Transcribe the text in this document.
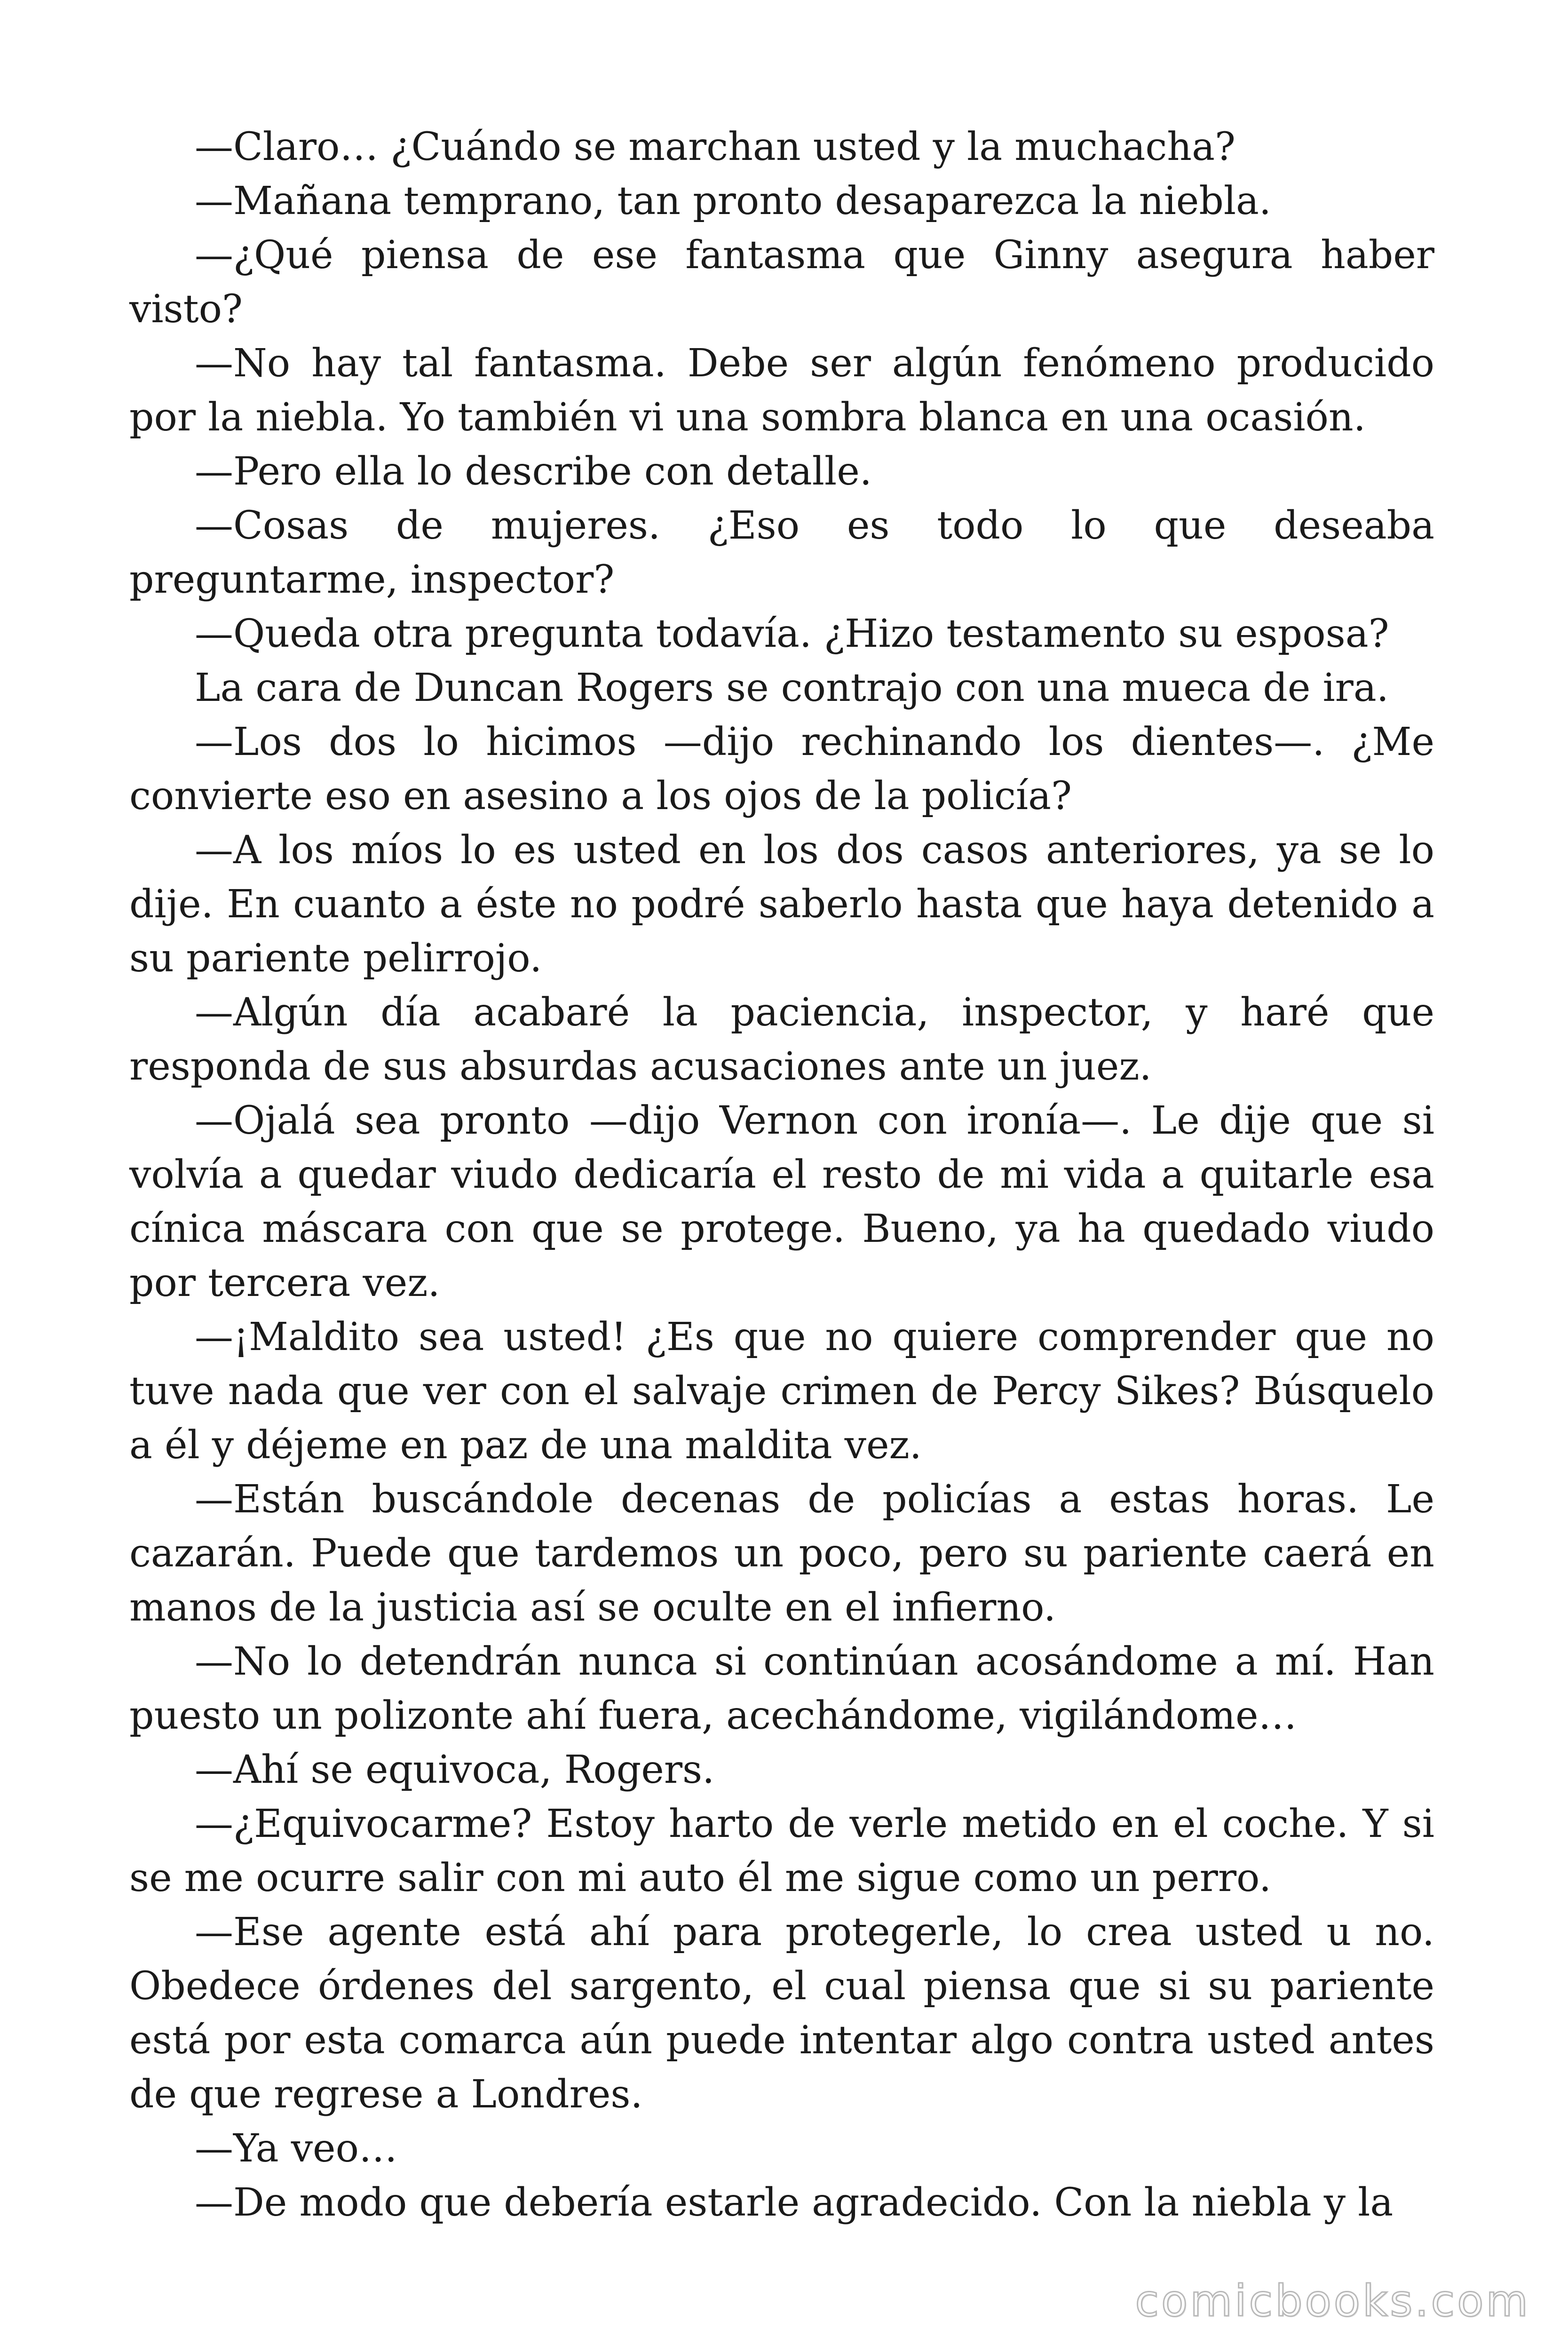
—Claro… ¿Cuándo se marchan usted y la muchacha?

—Mañana temprano, tan pronto desaparezca la niebla.

—¿Qué piensa de ese fantasma que Ginny asegura haber visto?

—No hay tal fantasma. Debe ser algún fenómeno producido por la niebla. Yo también vi una sombra blanca en una ocasión.

—Pero ella lo describe con detalle.

—Cosas de mujeres. ¿Eso es todo lo que deseaba preguntarme, inspector?

—Queda otra pregunta todavía. ¿Hizo testamento su esposa?

La cara de Duncan Rogers se contrajo con una mueca de ira.

—Los dos lo hicimos —dijo rechinando los dientes—. ¿Me convierte eso en asesino a los ojos de la policía?

—A los míos lo es usted en los dos casos anteriores, ya se lo dije. En cuanto a éste no podré saberlo hasta que haya detenido a su pariente pelirrojo.

—Algún día acabaré la paciencia, inspector, y haré que responda de sus absurdas acusaciones ante un juez.

—Ojalá sea pronto —dijo Vernon con ironía—. Le dije que si volvía a quedar viudo dedicaría el resto de mi vida a quitarle esa cínica máscara con que se protege. Bueno, ya ha quedado viudo por tercera vez.

—¡Maldito sea usted! ¿Es que no quiere comprender que no tuve nada que ver con el salvaje crimen de Percy Sikes? Búsquelo a él y déjeme en paz de una maldita vez.

—Están buscándole decenas de policías a estas horas. Le cazarán. Puede que tardemos un poco, pero su pariente caerá en manos de la justicia así se oculte en el infierno.

—No lo detendrán nunca si continúan acosándome a mí. Han puesto un polizonte ahí fuera, acechándome, vigilándome…

—Ahí se equivoca, Rogers.

—¿Equivocarme? Estoy harto de verle metido en el coche. Y si se me ocurre salir con mi auto él me sigue como un perro.

—Ese agente está ahí para protegerle, lo crea usted u no. Obedece órdenes del sargento, el cual piensa que si su pariente está por esta comarca aún puede intentar algo contra usted antes de que regrese a Londres.

—Ya veo…

—De modo que debería estarle agradecido. Con la niebla y la

comicbooks.com
